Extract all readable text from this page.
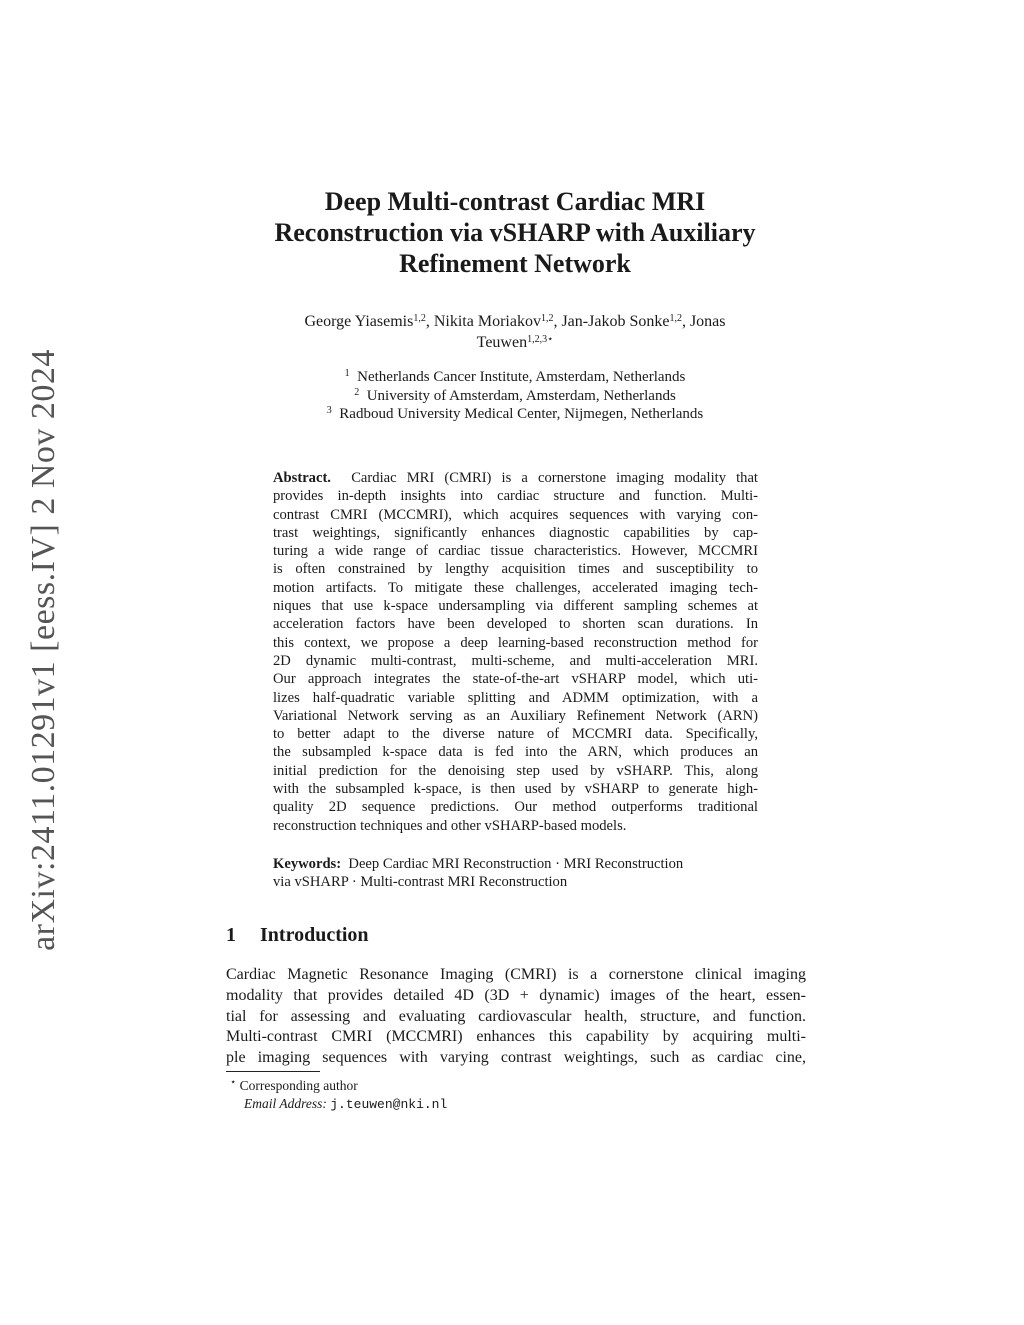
arXiv:2411.01291v1 [eess.IV] 2 Nov 2024
Deep Multi-contrast Cardiac MRI
Reconstruction via vSHARP with Auxiliary
Refinement Network
George Yiasemis$^{1,2}$, Nikita Moriakov$^{1,2}$, Jan-Jakob Sonke$^{1,2}$, Jonas
Teuwen$^{1,2,3⋆}$
$^1$ Netherlands Cancer Institute, Amsterdam, Netherlands
$^2$ University of Amsterdam, Amsterdam, Netherlands
$^3$ Radboud University Medical Center, Nijmegen, Netherlands
Abstract. Cardiac MRI (CMRI) is a cornerstone imaging modality that
provides in-depth insights into cardiac structure and function. Multi-
contrast CMRI (MCCMRI), which acquires sequences with varying con-
trast weightings, significantly enhances diagnostic capabilities by cap-
turing a wide range of cardiac tissue characteristics. However, MCCMRI
is often constrained by lengthy acquisition times and susceptibility to
motion artifacts. To mitigate these challenges, accelerated imaging tech-
niques that use k-space undersampling via different sampling schemes at
acceleration factors have been developed to shorten scan durations. In
this context, we propose a deep learning-based reconstruction method for
2D dynamic multi-contrast, multi-scheme, and multi-acceleration MRI.
Our approach integrates the state-of-the-art vSHARP model, which uti-
lizes half-quadratic variable splitting and ADMM optimization, with a
Variational Network serving as an Auxiliary Refinement Network (ARN)
to better adapt to the diverse nature of MCCMRI data. Specifically,
the subsampled k-space data is fed into the ARN, which produces an
initial prediction for the denoising step used by vSHARP. This, along
with the subsampled k-space, is then used by vSHARP to generate high-
quality 2D sequence predictions. Our method outperforms traditional
reconstruction techniques and other vSHARP-based models.
Keywords: Deep Cardiac MRI Reconstruction · MRI Reconstruction
via vSHARP · Multi-contrast MRI Reconstruction
1 Introduction
Cardiac Magnetic Resonance Imaging (CMRI) is a cornerstone clinical imaging
modality that provides detailed 4D (3D + dynamic) images of the heart, essen-
tial for assessing and evaluating cardiovascular health, structure, and function.
Multi-contrast CMRI (MCCMRI) enhances this capability by acquiring multi-
ple imaging sequences with varying contrast weightings, such as cardiac cine,
⋆ Corresponding author
Email Address: j.teuwen@nki.nl
